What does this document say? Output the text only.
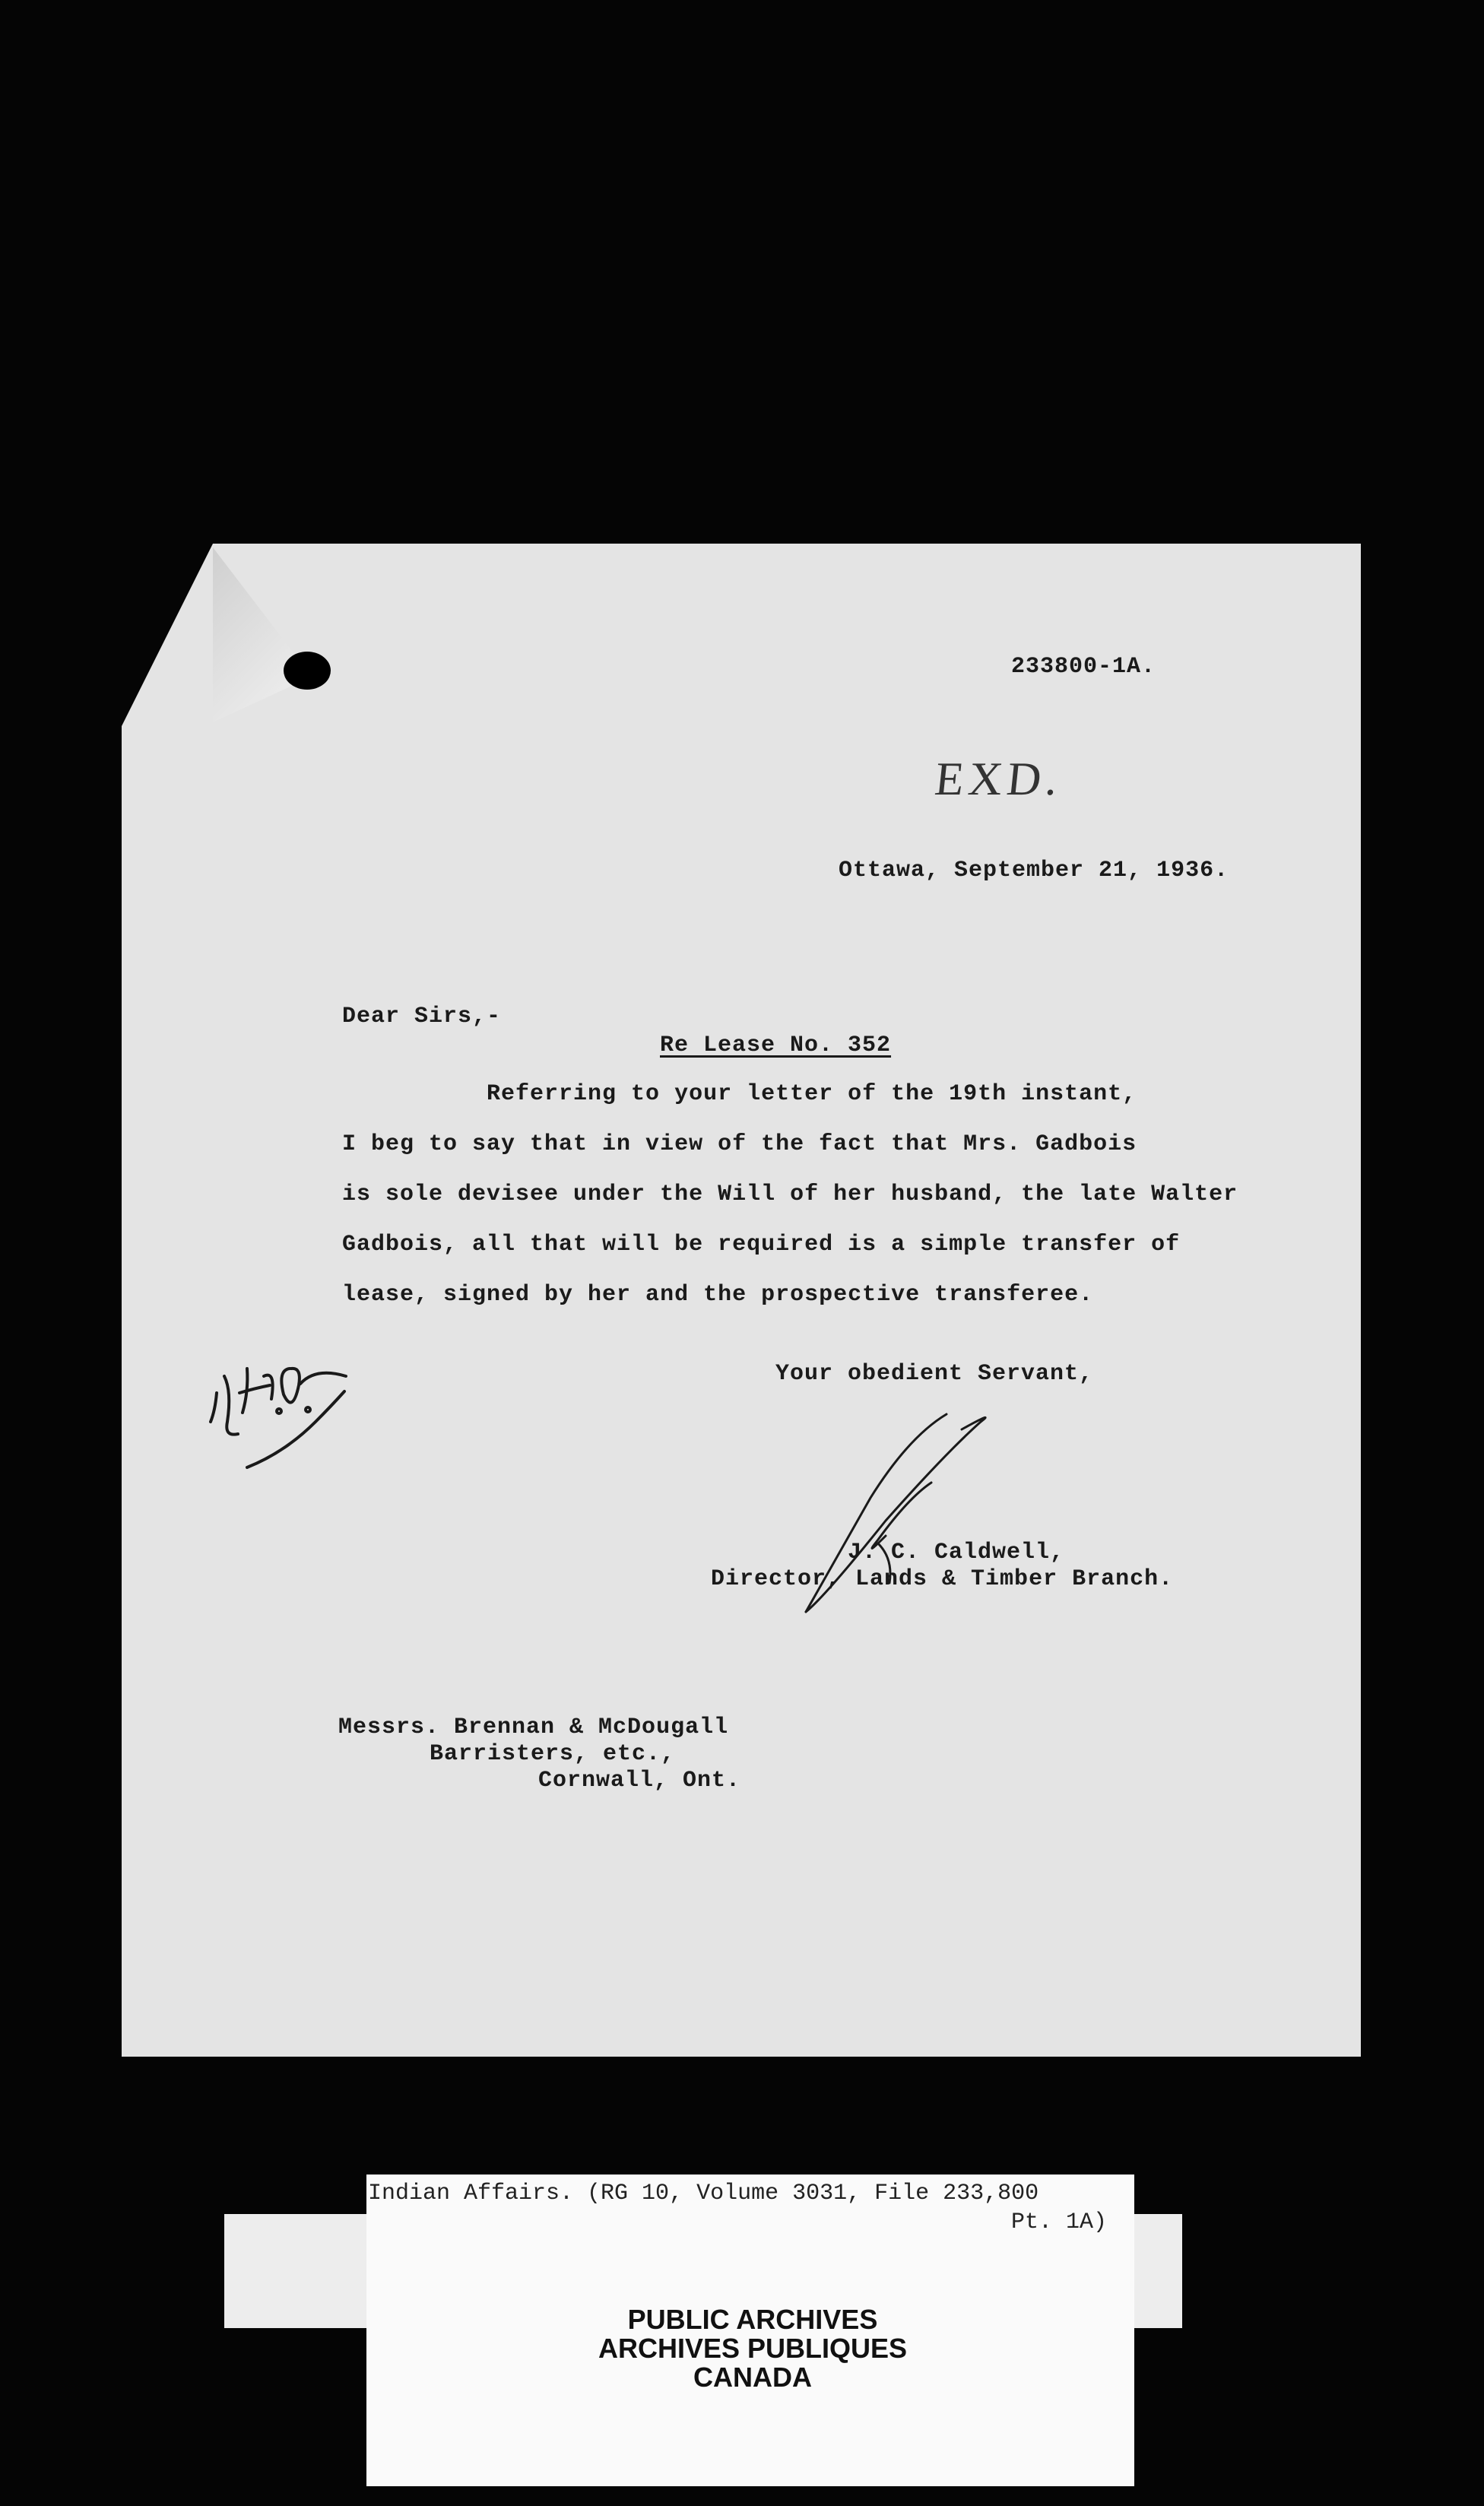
233800-1A.
EXD.
Ottawa, September 21, 1936.
Dear Sirs,-
Re Lease No. 352
Referring to your letter of the 19th instant,
I beg to say that in view of the fact that Mrs. Gadbois
is sole devisee under the Will of her husband, the late Walter
Gadbois, all that will be required is a simple transfer of
lease, signed by her and the prospective transferee.
Your obedient Servant,
J. C. Caldwell,
Director, Lands & Timber Branch.
Messrs. Brennan & McDougall
Barristers, etc.,
Cornwall, Ont.
Indian Affairs. (RG 10, Volume 3031, File 233,800
Pt. 1A)
PUBLIC ARCHIVES
ARCHIVES PUBLIQUES
CANADA
